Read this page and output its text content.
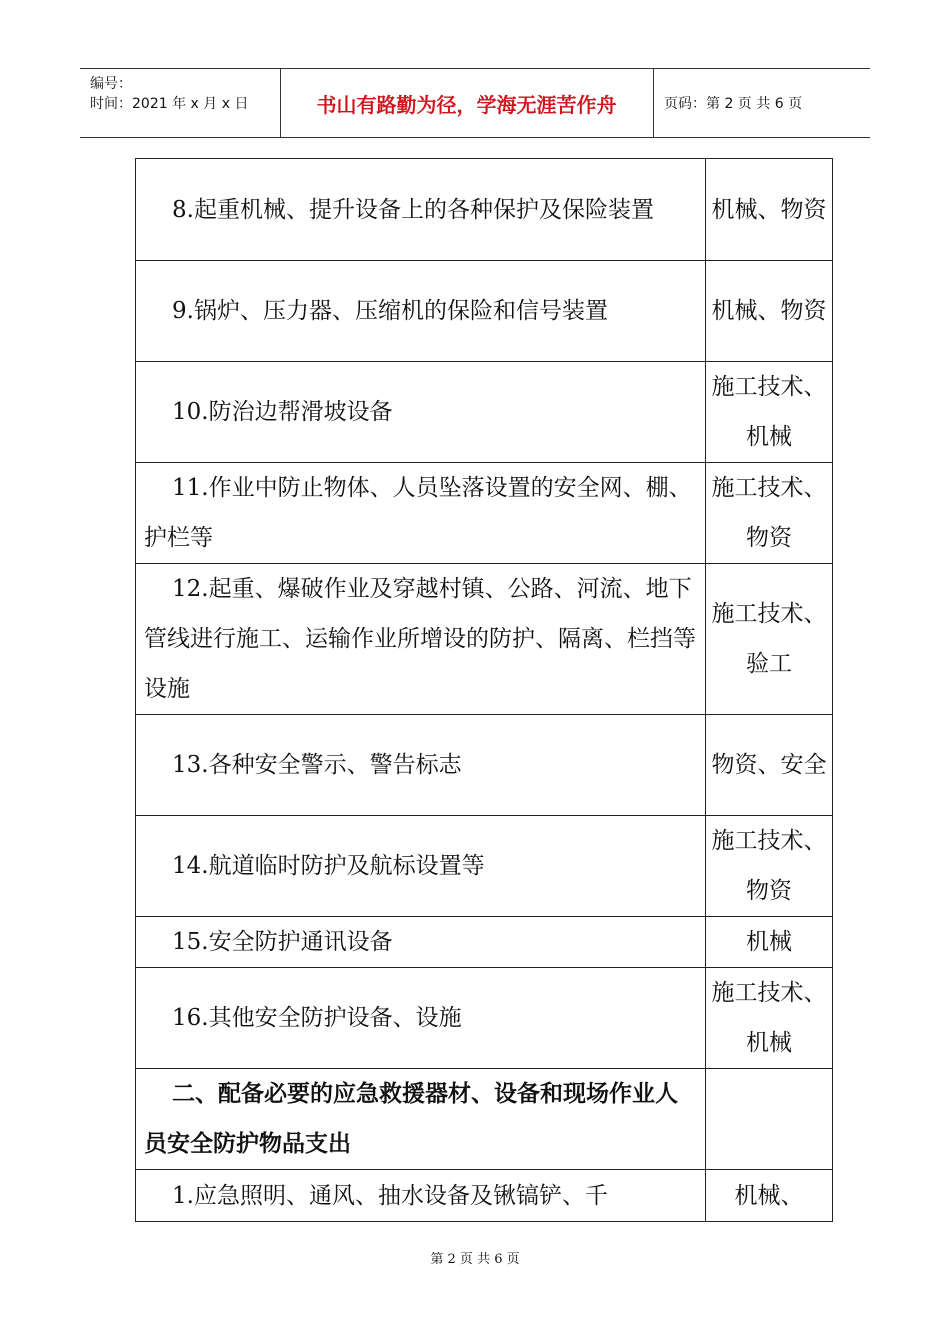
编号：
时间：2021 年 x 月 x 日	书山有路勤为径，学海无涯苦作舟	页码：第 2 页 共 6 页
8.起重机械、提升设备上的各种保护及保险装置	机械、物资
9.锅炉、压力器、压缩机的保险和信号装置	机械、物资
10.防治边帮滑坡设备	施工技术、机械
11.作业中防止物体、人员坠落设置的安全网、棚、护栏等	施工技术、物资
12.起重、爆破作业及穿越村镇、公路、河流、地下管线进行施工、运输作业所增设的防护、隔离、栏挡等设施	施工技术、验工
13.各种安全警示、警告标志	物资、安全
14.航道临时防护及航标设置等	施工技术、物资
15.安全防护通讯设备	机械
16.其他安全防护设备、设施	施工技术、机械
二、配备必要的应急救援器材、设备和现场作业人员安全防护物品支出	
1.应急照明、通风、抽水设备及锹镐铲、千	机械、
第 2 页 共 6 页
